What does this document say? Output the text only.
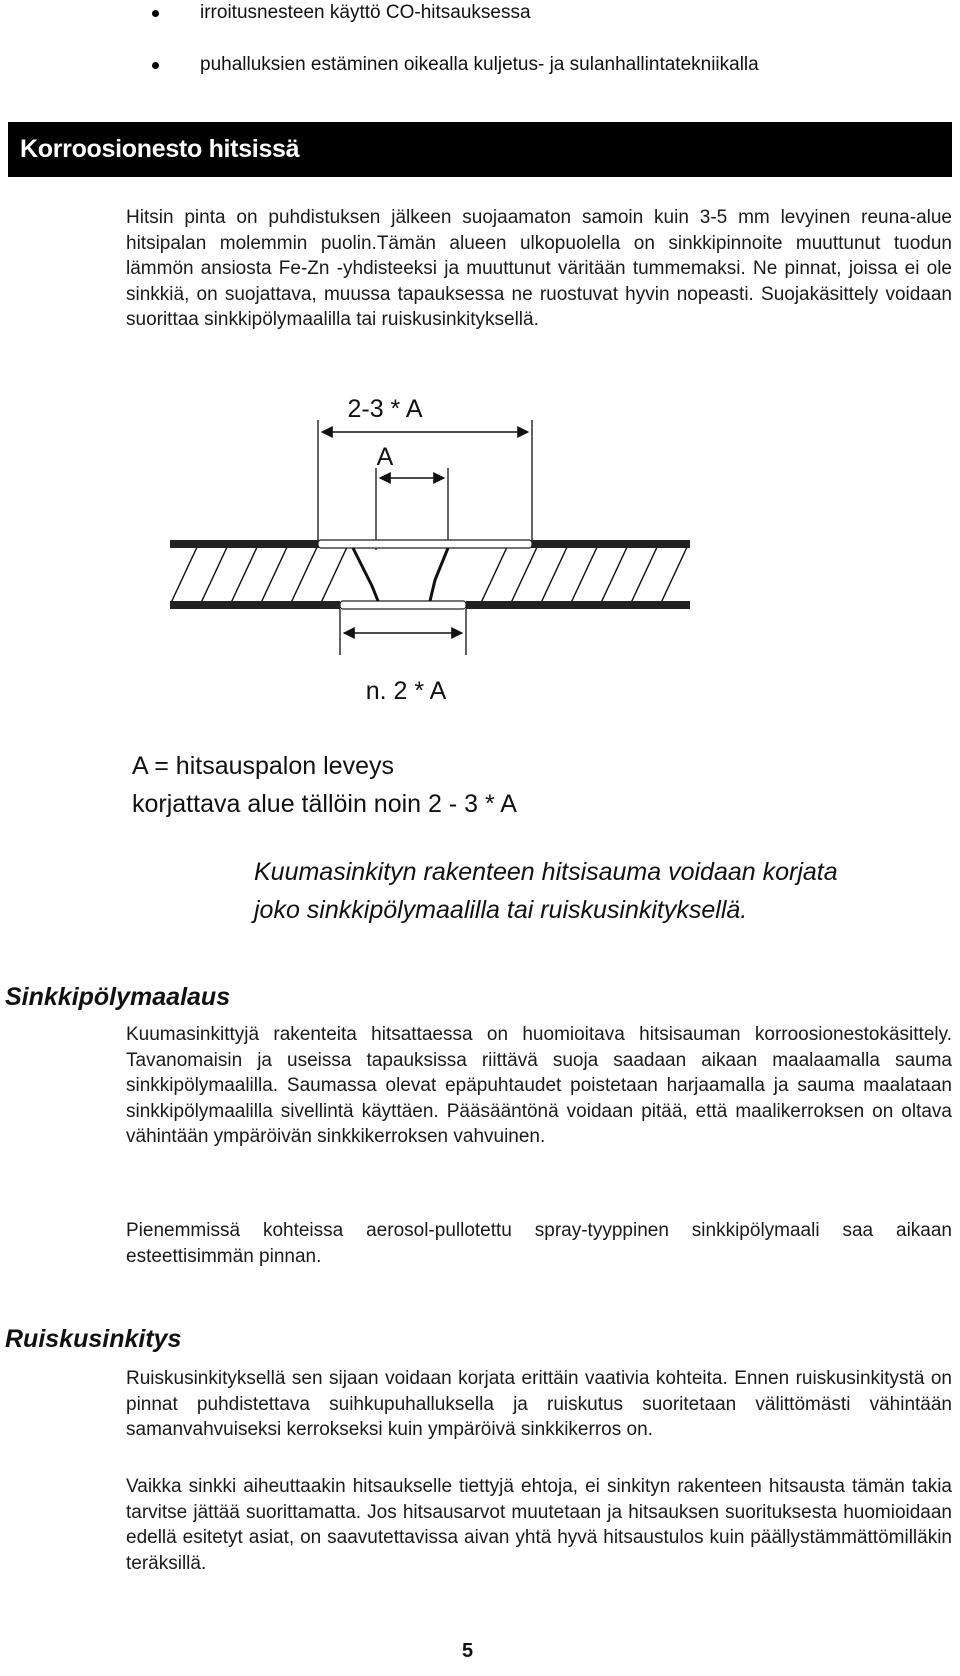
irroitusnesteen käyttö CO-hitsauksessa
puhalluksien estäminen oikealla kuljetus- ja sulanhallintatekniikalla
Korroosionesto hitsissä

Hitsin pinta on puhdistuksen jälkeen suojaamaton samoin kuin 3-5 mm levyinen reuna-alue hitsipalan molemmin puolin.Tämän alueen ulkopuolella on sinkkipinnoite muuttunut tuodun lämmön ansiosta Fe-Zn -yhdisteeksi ja muuttunut väritään tummemaksi. Ne pinnat, joissa ei ole sinkkiä, on suojattava, muussa tapauksessa ne ruostuvat hyvin nopeasti. Suojakäsittely voidaan suorittaa sinkkipölymaalilla tai ruiskusinkityksellä.

2-3 * A
A
n. 2 * A
A = hitsauspalon leveys
korjattava alue tällöin noin 2 - 3 * A
Kuumasinkityn rakenteen hitsisauma voidaan korjata
joko sinkkipölymaalilla tai ruiskusinkityksellä.
Sinkkipölymaalaus

Kuumasinkittyjä rakenteita hitsattaessa on huomioitava hitsisauman korroosionestokäsittely. Tavanomaisin ja useissa tapauksissa riittävä suoja saadaan aikaan maalaamalla sauma sinkkipölymaalilla. Saumassa olevat epäpuhtaudet poistetaan harjaamalla ja sauma maalataan sinkkipölymaalilla sivellintä käyttäen. Pääsääntönä voidaan pitää, että maalikerroksen on oltava vähintään ympäröivän sinkkikerroksen vahvuinen.

Pienemmissä kohteissa aerosol-pullotettu spray-tyyppinen sinkkipölymaali saa aikaan esteettisimmän pinnan.

Ruiskusinkitys

Ruiskusinkityksellä sen sijaan voidaan korjata erittäin vaativia kohteita. Ennen ruiskusinkitystä on pinnat puhdistettava suihkupuhalluksella ja ruiskutus suoritetaan välittömästi vähintään samanvahvuiseksi kerrokseksi kuin ympäröivä sinkkikerros on.

Vaikka sinkki aiheuttaakin hitsaukselle tiettyjä ehtoja, ei sinkityn rakenteen hitsausta tämän takia tarvitse jättää suorittamatta. Jos hitsausarvot muutetaan ja hitsauksen suorituksesta huomioidaan edellä esitetyt asiat, on saavutettavissa aivan yhtä hyvä hitsaustulos kuin päällystämmättömilläkin teräksillä.

5
